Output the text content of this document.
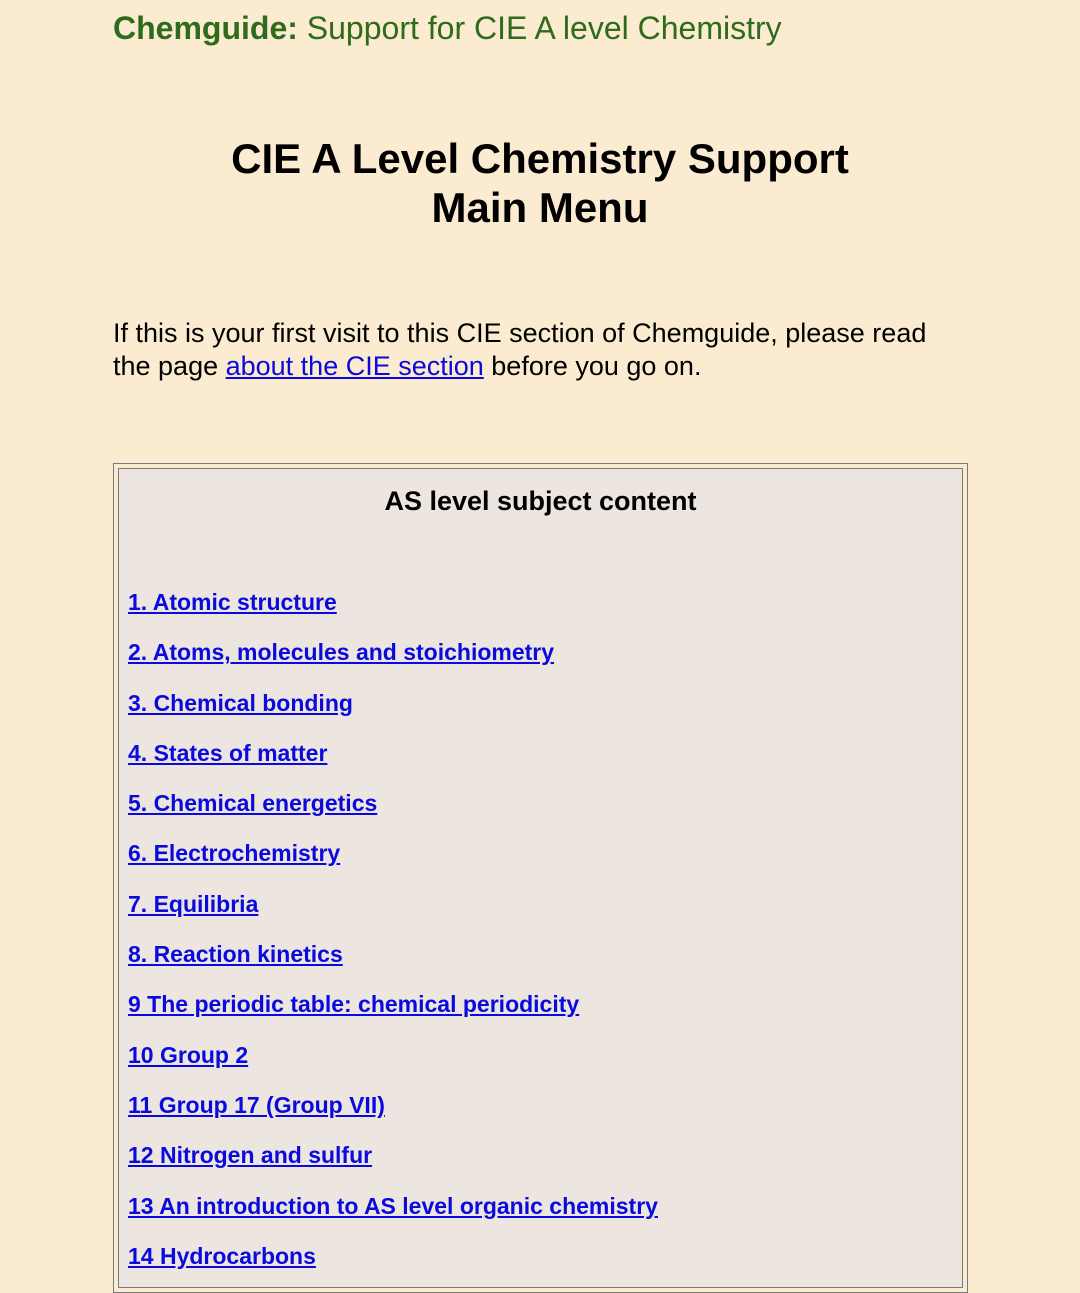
Chemguide: Support for CIE A level Chemistry
CIE A Level Chemistry Support
Main Menu

If this is your first visit to this CIE section of Chemguide, please read the page about the CIE section before you go on.

AS level subject content
1. Atomic structure
2. Atoms, molecules and stoichiometry
3. Chemical bonding
4. States of matter
5. Chemical energetics
6. Electrochemistry
7. Equilibria
8. Reaction kinetics
9 The periodic table: chemical periodicity
10 Group 2
11 Group 17 (Group VII)
12 Nitrogen and sulfur
13 An introduction to AS level organic chemistry
14 Hydrocarbons
